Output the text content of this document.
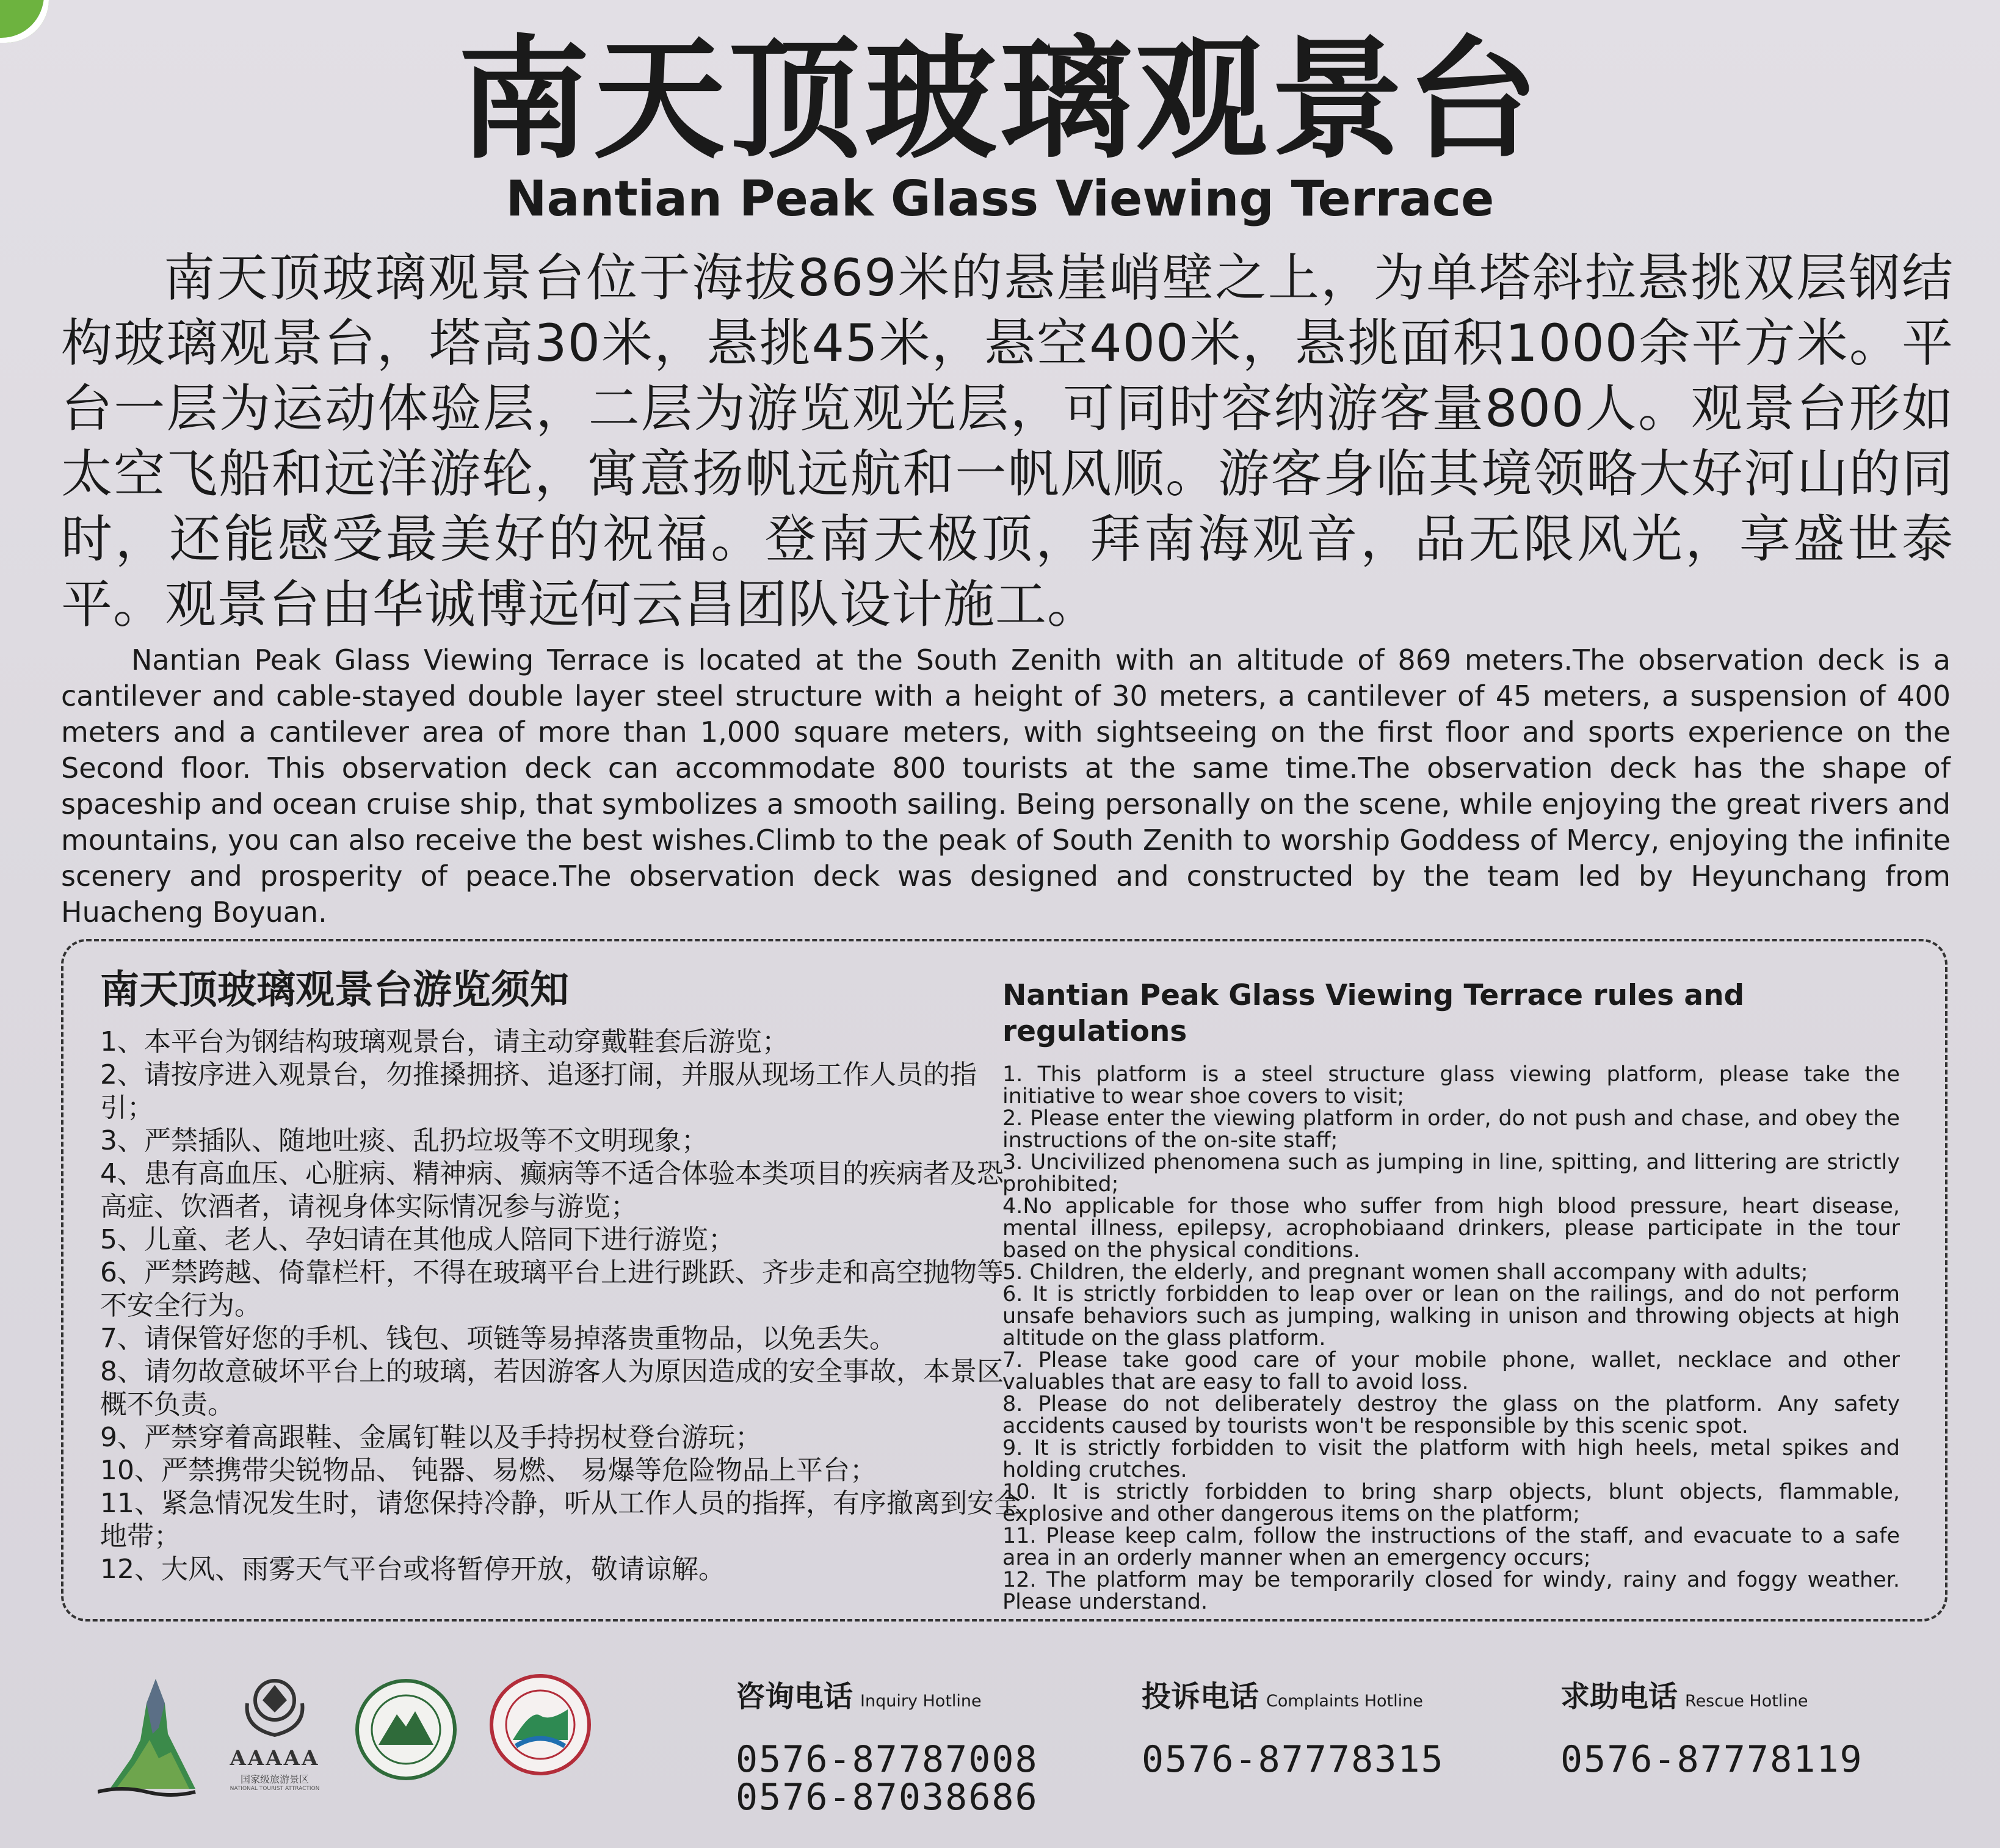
南天顶玻璃观景台
Nantian Peak Glass Viewing Terrace

南天顶玻璃观景台位于海拔869米的悬崖峭壁之上，为单塔斜拉悬挑双层钢结构玻璃观景台，塔高30米，悬挑45米，悬空400米，悬挑面积1000余平方米。平台一层为运动体验层，二层为游览观光层，可同时容纳游客量800人。观景台形如太空飞船和远洋游轮，寓意扬帆远航和一帆风顺。游客身临其境领略大好河山的同时，还能感受最美好的祝福。登南天极顶，拜南海观音，品无限风光，享盛世泰平。观景台由华诚博远何云昌团队设计施工。

Nantian Peak Glass Viewing Terrace is located at the South Zenith with an altitude of 869 meters.The observation deck is a cantilever and cable-stayed double layer steel structure with a height of 30 meters, a cantilever of 45 meters, a suspension of 400 meters and a cantilever area of more than 1,000 square meters, with sightseeing on the first floor and sports experience on the Second floor. This observation deck can accommodate 800 tourists at the same time.The observation deck has the shape of spaceship and ocean cruise ship, that symbolizes a smooth sailing. Being personally on the scene, while enjoying the great rivers and mountains, you can also receive the best wishes.Climb to the peak of South Zenith to worship Goddess of Mercy, enjoying the infinite scenery and prosperity of peace.The observation deck was designed and constructed by the team led by Heyunchang from Huacheng Boyuan.

南天顶玻璃观景台游览须知
1、本平台为钢结构玻璃观景台，请主动穿戴鞋套后游览；
2、请按序进入观景台，勿推搡拥挤、追逐打闹，并服从现场工作人员的指引；
3、严禁插队、随地吐痰、乱扔垃圾等不文明现象；
4、患有高血压、心脏病、精神病、癫病等不适合体验本类项目的疾病者及恐高症、饮酒者，请视身体实际情况参与游览；
5、儿童、老人、孕妇请在其他成人陪同下进行游览；
6、严禁跨越、倚靠栏杆，不得在玻璃平台上进行跳跃、齐步走和高空抛物等不安全行为。
7、请保管好您的手机、钱包、项链等易掉落贵重物品，以免丢失。
8、请勿故意破坏平台上的玻璃，若因游客人为原因造成的安全事故，本景区概不负责。
9、严禁穿着高跟鞋、金属钉鞋以及手持拐杖登台游玩；
10、严禁携带尖锐物品、 钝器、易燃、 易爆等危险物品上平台；
11、紧急情况发生时，请您保持冷静，听从工作人员的指挥，有序撤离到安全地带；
12、大风、雨雾天气平台或将暂停开放，敬请谅解。
Nantian Peak Glass Viewing Terrace rules and regulations
1. This platform is a steel structure glass viewing platform, please take the initiative to wear shoe covers to visit;
2. Please enter the viewing platform in order, do not push and chase, and obey the instructions of the on-site staff;
3. Uncivilized phenomena such as jumping in line, spitting, and littering are strictly prohibited;
4.No applicable for those who suffer from high blood pressure, heart disease, mental illness, epilepsy, acrophobiaand drinkers, please participate in the tour based on the physical conditions.
5. Children, the elderly, and pregnant women shall accompany with adults;
6. It is strictly forbidden to leap over or lean on the railings, and do not perform unsafe behaviors such as jumping, walking in unison and throwing objects at high altitude on the glass platform.
7. Please take good care of your mobile phone, wallet, necklace and other valuables that are easy to fall to avoid loss.
8. Please do not deliberately destroy the glass on the platform. Any safety accidents caused by tourists won't be responsible by this scenic spot.
9. It is strictly forbidden to visit the platform with high heels, metal spikes and holding crutches.
10. It is strictly forbidden to bring sharp objects, blunt objects, flammable, explosive and other dangerous items on the platform;
11. Please keep calm, follow the instructions of the staff, and evacuate to a safe area in an orderly manner when an emergency occurs;
12. The platform may be temporarily closed for windy, rainy and foggy weather. Please understand.
AAAAA
国家级旅游景区
NATIONAL TOURIST ATTRACTION
咨询电话 Inquiry Hotline
0576-87787008
0576-87038686
投诉电话 Complaints Hotline
0576-87778315
求助电话 Rescue Hotline
0576-87778119
